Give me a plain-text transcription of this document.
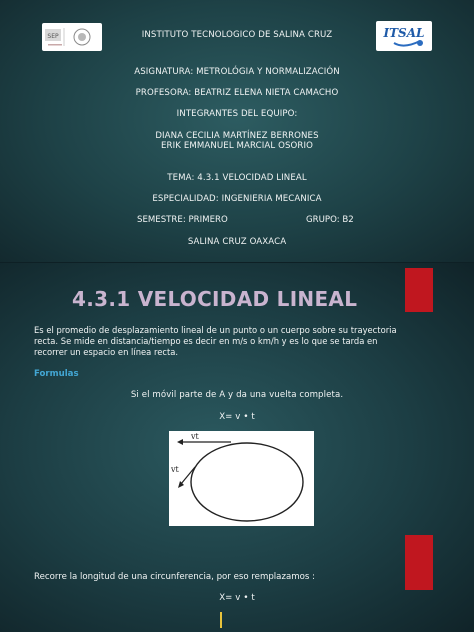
SEP	ITSAL
INSTITUTO TECNOLOGICO DE SALINA CRUZ
ASIGNATURA: METROLÓGIA Y NORMALIZACIÓN
PROFESORA: BEATRIZ ELENA NIETA CAMACHO
INTEGRANTES DEL EQUIPO:
DIANA CECILIA MARTÍNEZ BERRONES
ERIK EMMANUEL MARCIAL OSORIO
TEMA: 4.3.1 VELOCIDAD LINEAL
ESPECIALIDAD: INGENIERIA MECANICA
SEMESTRE: PRIMERO	GRUPO: B2
SALINA CRUZ OAXACA
4.3.1 VELOCIDAD LINEAL
Es el promedio de desplazamiento lineal de un punto o un cuerpo sobre su trayectoria recta. Se mide en distancia/tiempo es decir en m/s o km/h y es lo que se tarda en recorrer un espacio en línea recta.
Formulas
Si el móvil parte de A y da una vuelta completa.
X= v • t
vt
vt
Recorre la longitud de una circunferencia, por eso remplazamos :
X= v • t
